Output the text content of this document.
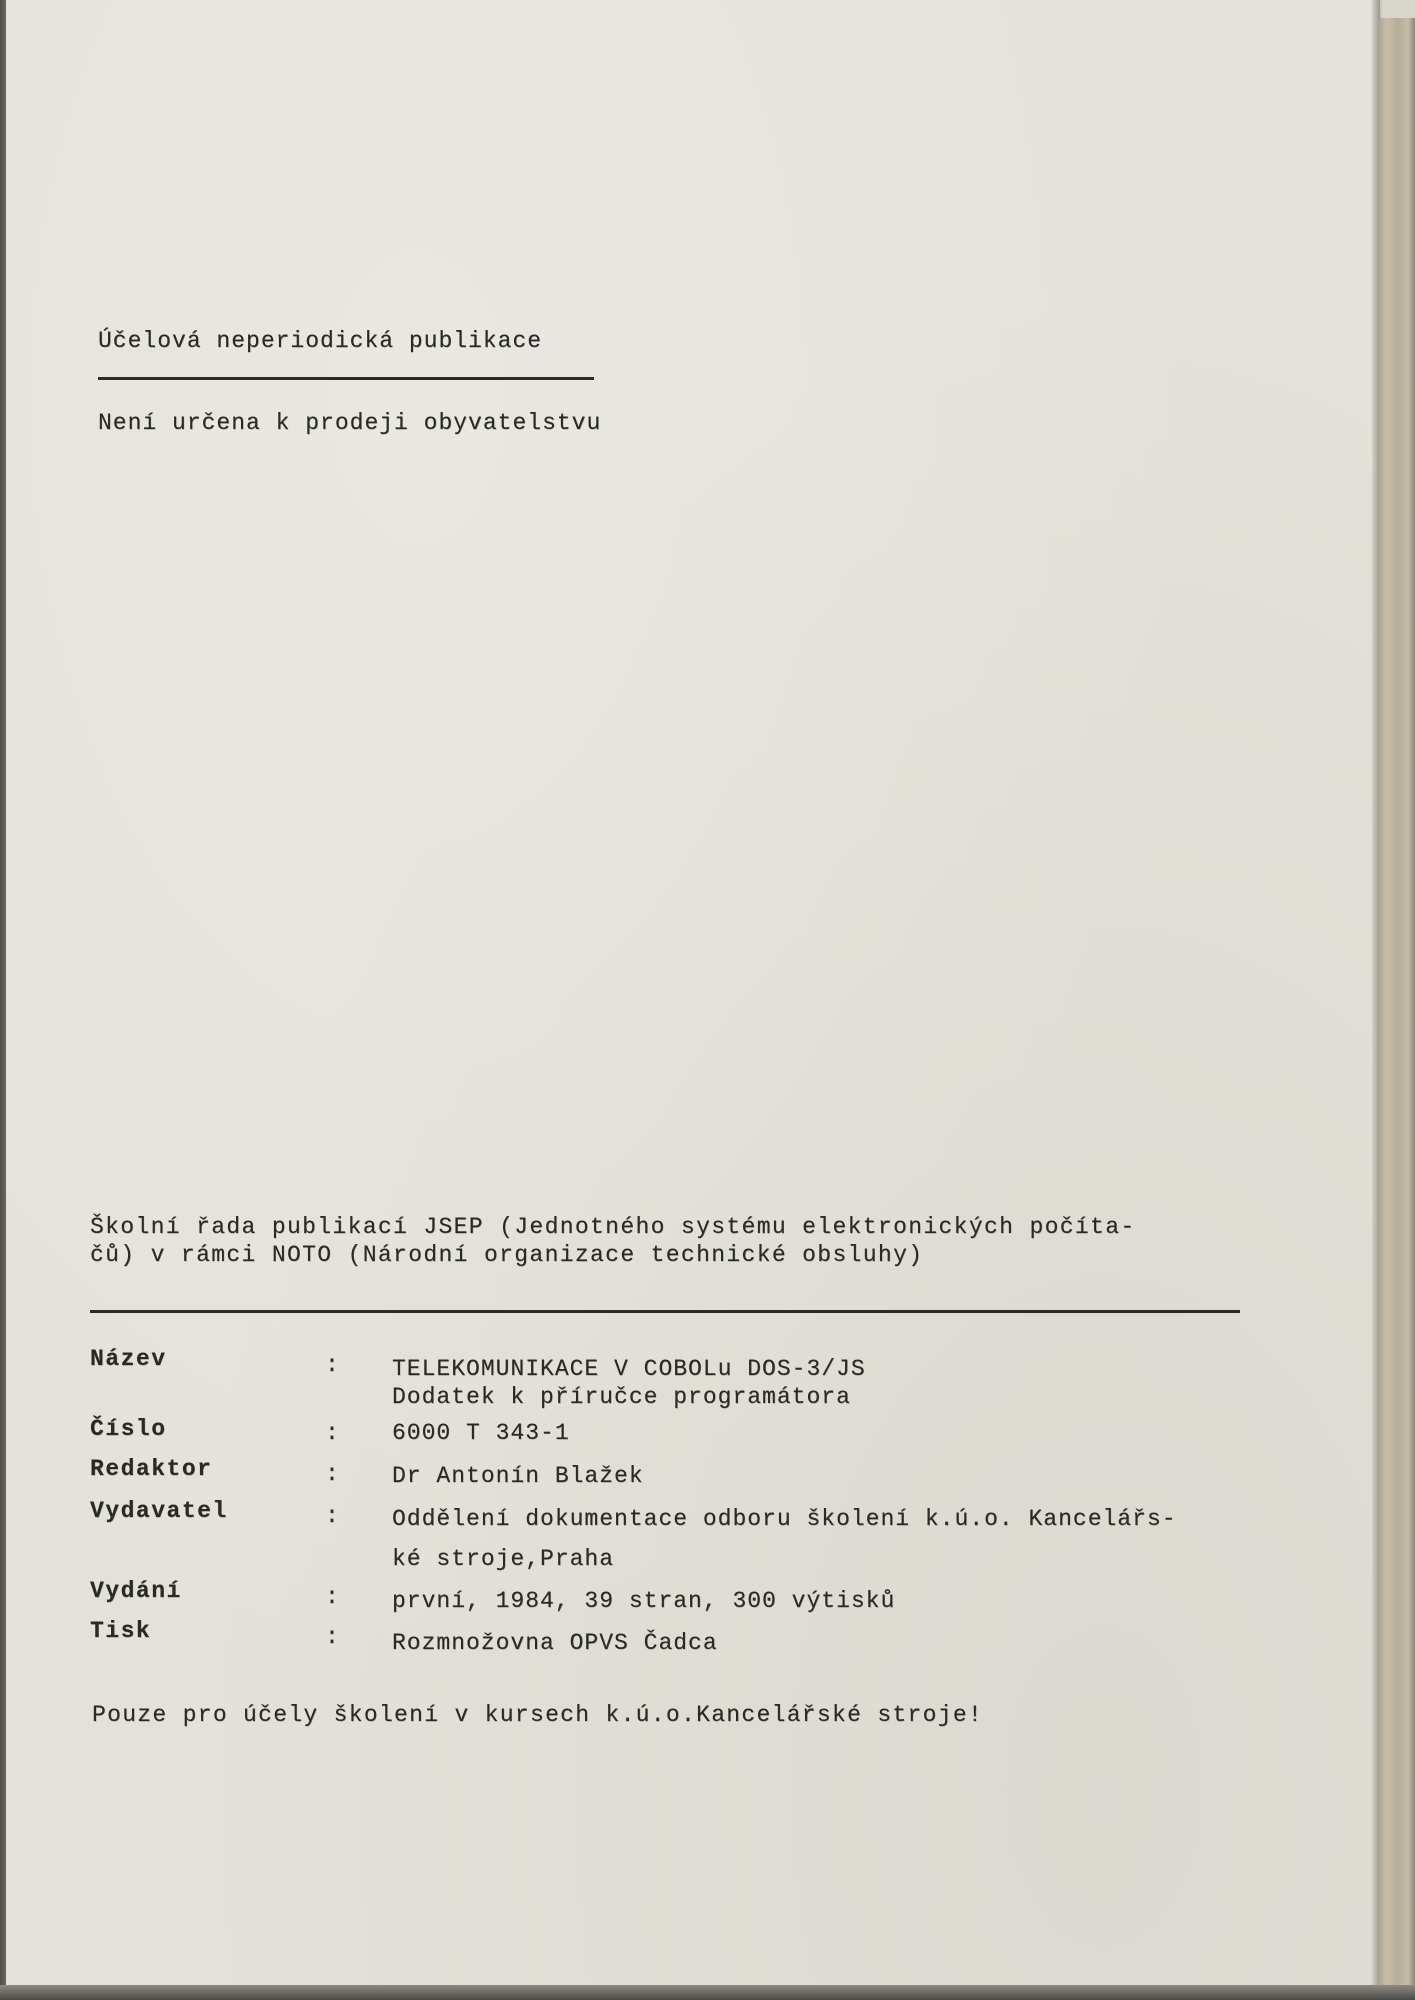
Účelová neperiodická publikace
Není určena k prodeji obyvatelstvu
Školní řada publikací JSEP (Jednotného systému elektronických počíta-
čů) v rámci NOTO (Národní organizace technické obsluhy)
Název	: TELEKOMUNIKACE V COBOLu DOS-3/JS
Dodatek k příručce programátora
Číslo	: 6000 T 343-1
Redaktor	: Dr Antonín Blažek
Vydavatel	: Oddělení dokumentace odboru školení k.ú.o. Kancelářs-
ké stroje,Praha
Vydání	: první, 1984, 39 stran, 300 výtisků
Tisk	: Rozmnožovna OPVS Čadca
Pouze pro účely školení v kursech k.ú.o.Kancelářské stroje!
